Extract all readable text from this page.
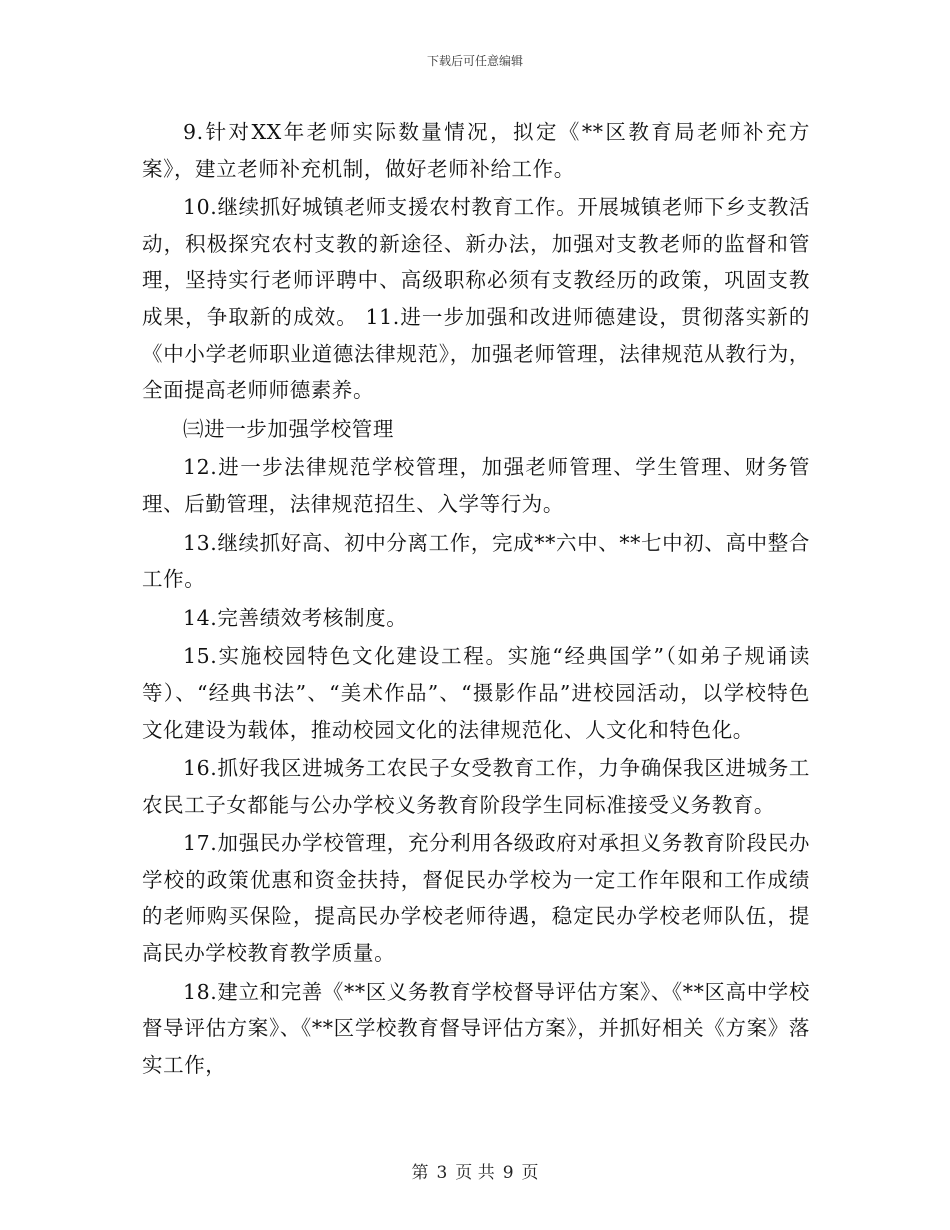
下载后可任意编辑

9.针对XX年老师实际数量情况，拟定《**区教育局老师补充方案》，建立老师补充机制，做好老师补给工作。

10.继续抓好城镇老师支援农村教育工作。开展城镇老师下乡支教活动，积极探究农村支教的新途径、新办法，加强对支教老师的监督和管理，坚持实行老师评聘中、高级职称必须有支教经历的政策，巩固支教成果，争取新的成效。 11.进一步加强和改进师德建设，贯彻落实新的《中小学老师职业道德法律规范》，加强老师管理，法律规范从教行为，全面提高老师师德素养。

㈢进一步加强学校管理

12.进一步法律规范学校管理，加强老师管理、学生管理、财务管理、后勤管理，法律规范招生、入学等行为。

13.继续抓好高、初中分离工作，完成**六中、**七中初、高中整合工作。

14.完善绩效考核制度。

15.实施校园特色文化建设工程。实施“经典国学”（如弟子规诵读等）、“经典书法”、“美术作品”、“摄影作品”进校园活动，以学校特色文化建设为载体，推动校园文化的法律规范化、人文化和特色化。

16.抓好我区进城务工农民子女受教育工作，力争确保我区进城务工农民工子女都能与公办学校义务教育阶段学生同标准接受义务教育。

17.加强民办学校管理，充分利用各级政府对承担义务教育阶段民办学校的政策优惠和资金扶持，督促民办学校为一定工作年限和工作成绩的老师购买保险，提高民办学校老师待遇，稳定民办学校老师队伍，提高民办学校教育教学质量。

18.建立和完善《**区义务教育学校督导评估方案》、《**区高中学校督导评估方案》、《**区学校教育督导评估方案》，并抓好相关《方案》落实工作，

第 3 页 共 9 页
